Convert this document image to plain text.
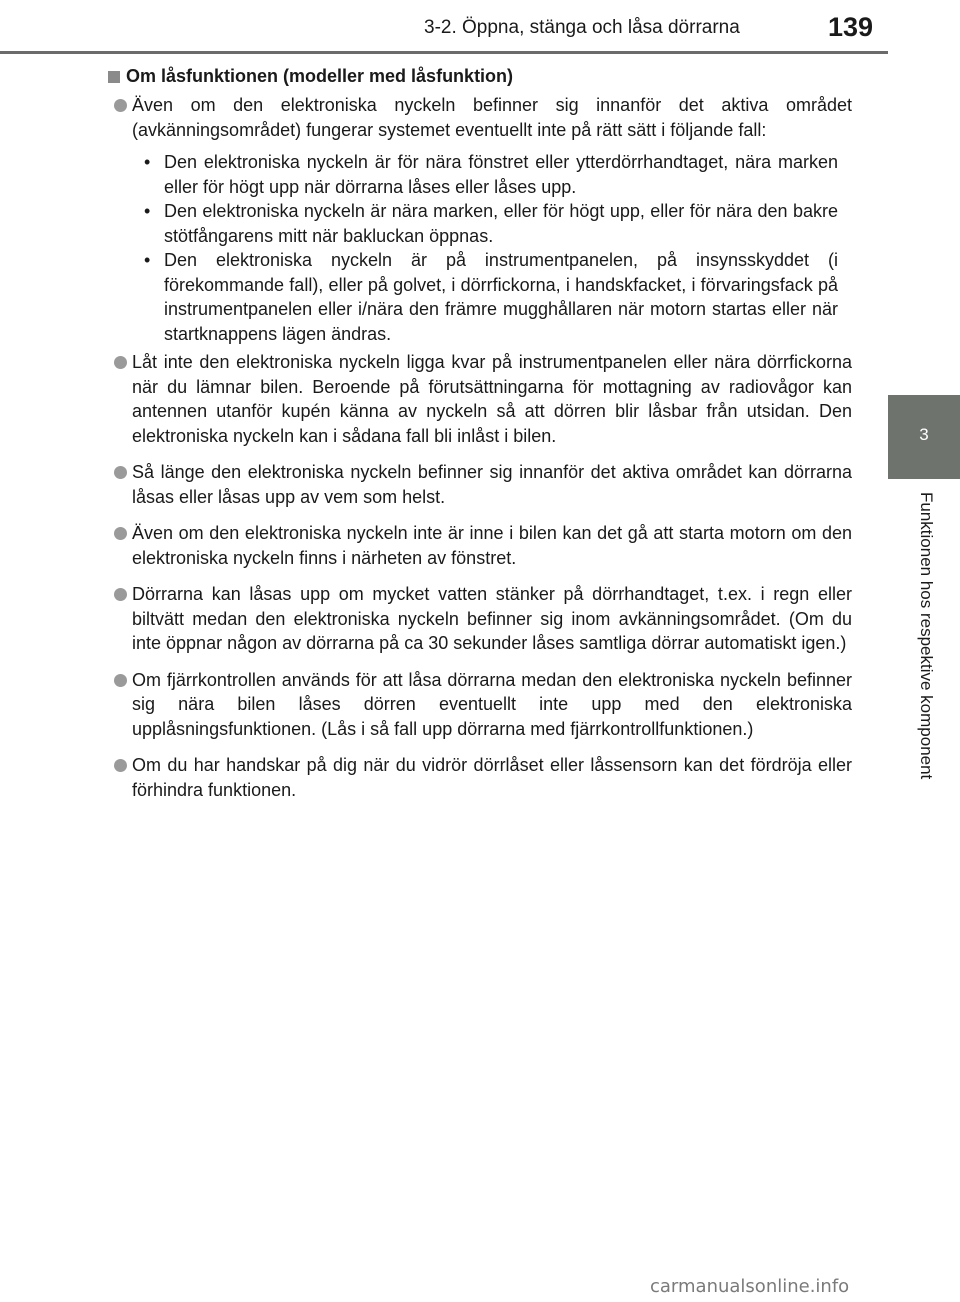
3-2. Öppna, stänga och låsa dörrarna	139
3
Funktionen hos respektive komponent
Om låsfunktionen (modeller med låsfunktion)
Även om den elektroniska nyckeln befinner sig innanför det aktiva området (avkänningsområdet) fungerar systemet eventuellt inte på rätt sätt i följande fall:
• Den elektroniska nyckeln är för nära fönstret eller ytterdörrhandtaget, nära marken eller för högt upp när dörrarna låses eller låses upp.
• Den elektroniska nyckeln är nära marken, eller för högt upp, eller för nära den bakre stötfångarens mitt när bakluckan öppnas.
• Den elektroniska nyckeln är på instrumentpanelen, på insynsskyddet (i förekommande fall), eller på golvet, i dörrfickorna, i handskfacket, i förvaringsfack på instrumentpanelen eller i/nära den främre mugghållaren när motorn startas eller när startknappens lägen ändras.
Låt inte den elektroniska nyckeln ligga kvar på instrumentpanelen eller nära dörrfickorna när du lämnar bilen. Beroende på förutsättningarna för mottagning av radiovågor kan antennen utanför kupén känna av nyckeln så att dörren blir låsbar från utsidan. Den elektroniska nyckeln kan i sådana fall bli inlåst i bilen.
Så länge den elektroniska nyckeln befinner sig innanför det aktiva området kan dörrarna låsas eller låsas upp av vem som helst.
Även om den elektroniska nyckeln inte är inne i bilen kan det gå att starta motorn om den elektroniska nyckeln finns i närheten av fönstret.
Dörrarna kan låsas upp om mycket vatten stänker på dörrhandtaget, t.ex. i regn eller biltvätt medan den elektroniska nyckeln befinner sig inom avkänningsområdet. (Om du inte öppnar någon av dörrarna på ca 30 sekunder låses samtliga dörrar automatiskt igen.)
Om fjärrkontrollen används för att låsa dörrarna medan den elektroniska nyckeln befinner sig nära bilen låses dörren eventuellt inte upp med den elektroniska upplåsningsfunktionen. (Lås i så fall upp dörrarna med fjärrkontrollfunktionen.)
Om du har handskar på dig när du vidrör dörrlåset eller låssensorn kan det fördröja eller förhindra funktionen.
carmanualsonline.info
